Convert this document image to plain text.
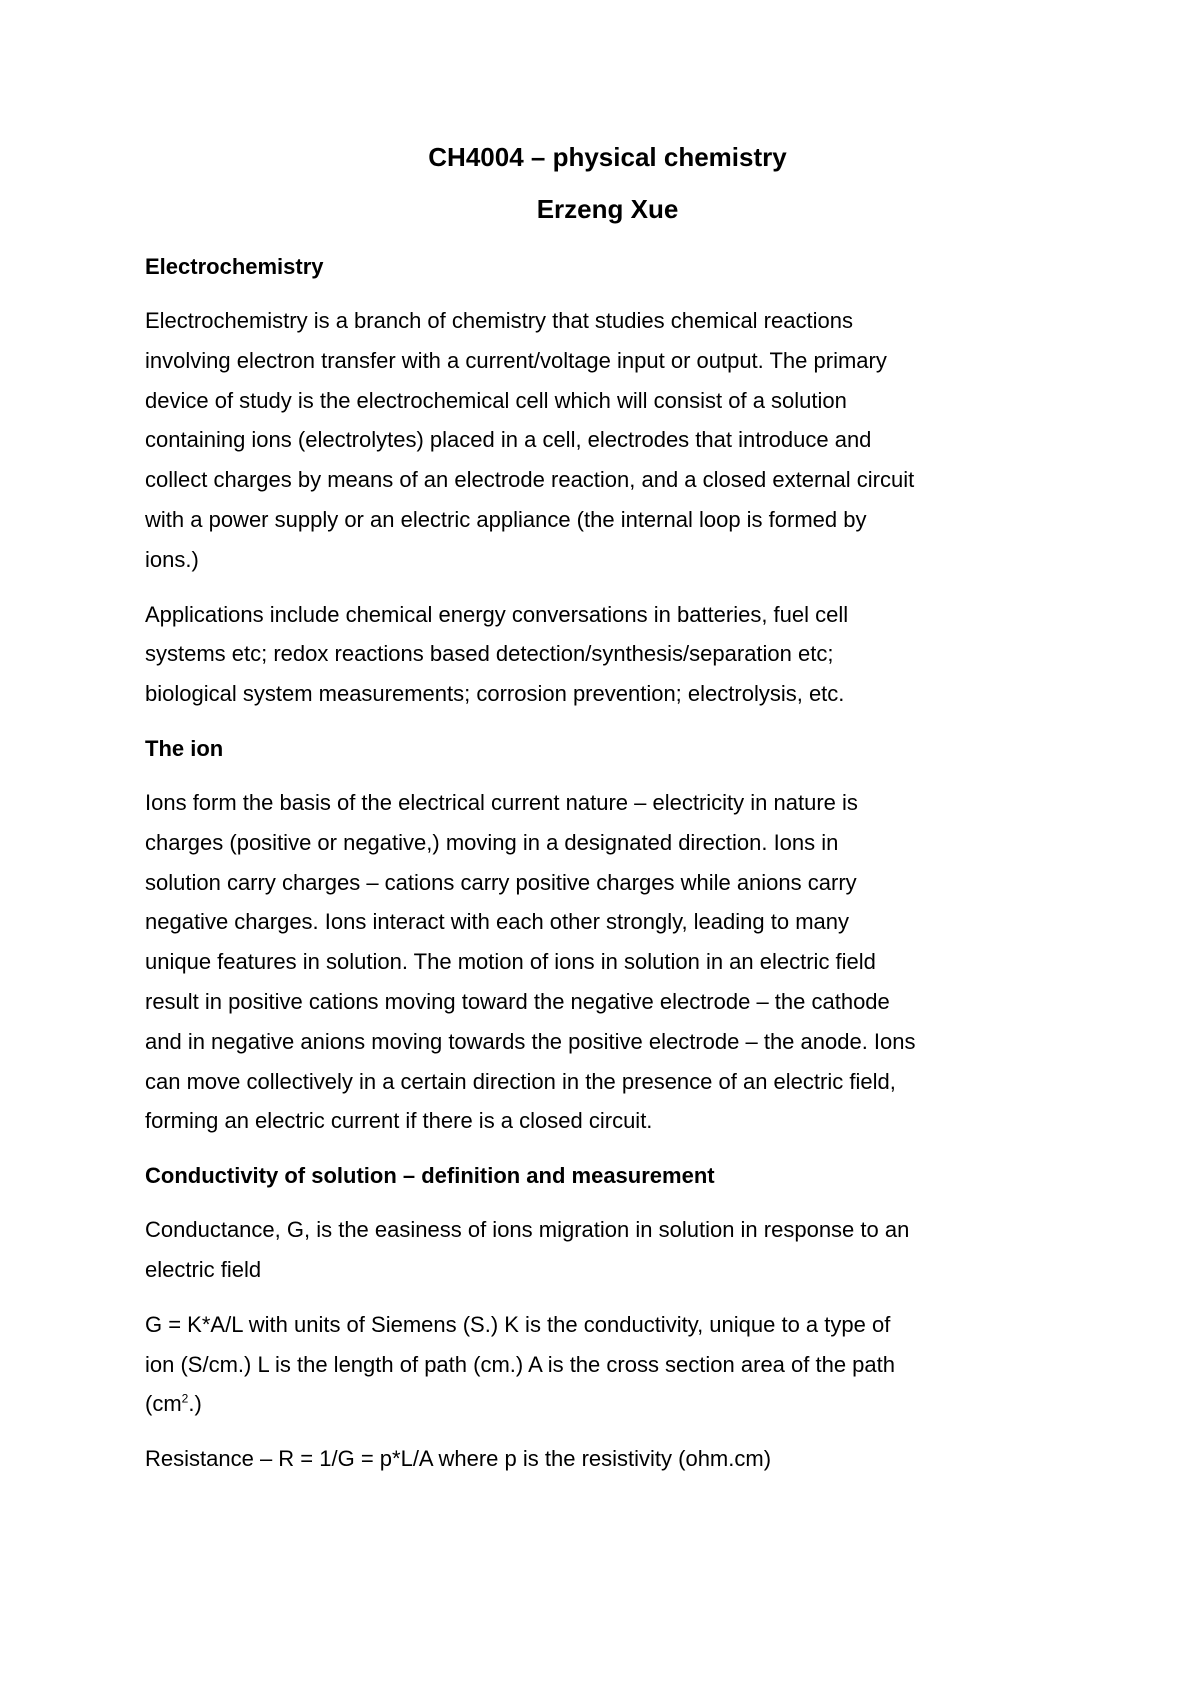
CH4004 – physical chemistry
Erzeng Xue
Electrochemistry
Electrochemistry is a branch of chemistry that studies chemical reactions
involving electron transfer with a current/voltage input or output. The primary
device of study is the electrochemical cell which will consist of a solution
containing ions (electrolytes) placed in a cell, electrodes that introduce and
collect charges by means of an electrode reaction, and a closed external circuit
with a power supply or an electric appliance (the internal loop is formed by
ions.)
Applications include chemical energy conversations in batteries, fuel cell
systems etc; redox reactions based detection/synthesis/separation etc;
biological system measurements; corrosion prevention; electrolysis, etc.
The ion
Ions form the basis of the electrical current nature – electricity in nature is
charges (positive or negative,) moving in a designated direction. Ions in
solution carry charges – cations carry positive charges while anions carry
negative charges. Ions interact with each other strongly, leading to many
unique features in solution. The motion of ions in solution in an electric field
result in positive cations moving toward the negative electrode – the cathode
and in negative anions moving towards the positive electrode – the anode. Ions
can move collectively in a certain direction in the presence of an electric field,
forming an electric current if there is a closed circuit.
Conductivity of solution – definition and measurement
Conductance, G, is the easiness of ions migration in solution in response to an
electric field
G = K*A/L with units of Siemens (S.) K is the conductivity, unique to a type of
ion (S/cm.) L is the length of path (cm.) A is the cross section area of the path
$(cm^2.)$
Resistance – R = 1/G = p*L/A where p is the resistivity (ohm.cm)
